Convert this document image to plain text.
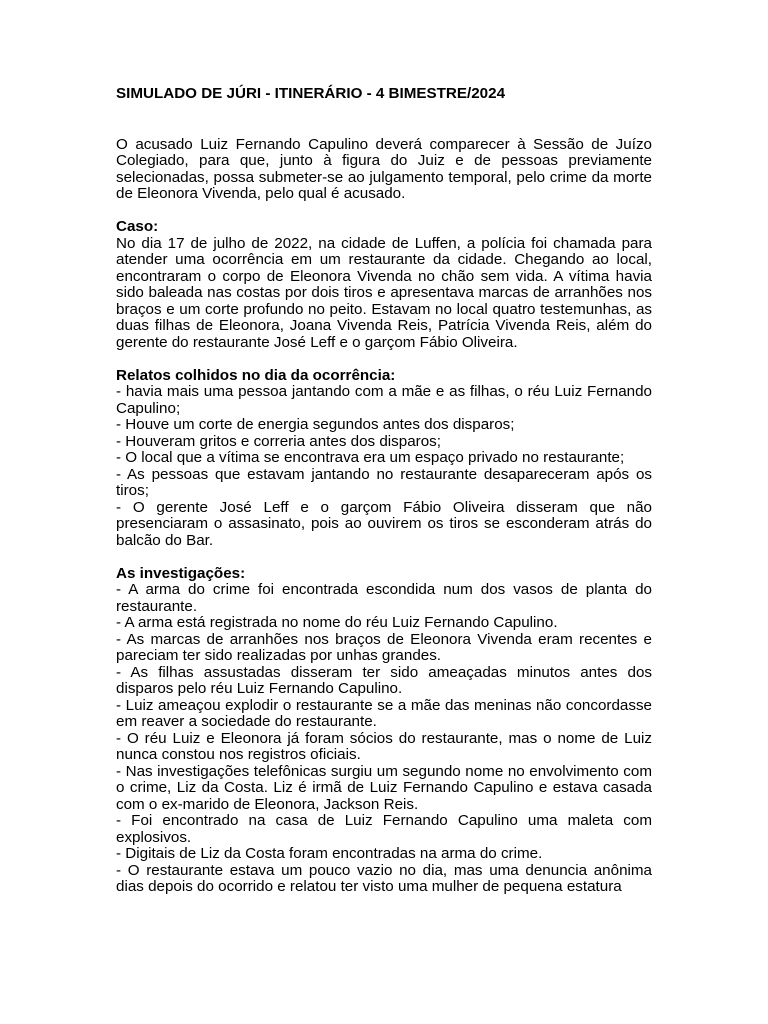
SIMULADO DE JÚRI - ITINERÁRIO - 4 BIMESTRE/2024

O acusado Luiz Fernando Capulino deverá comparecer à Sessão de Juízo Colegiado, para que, junto à figura do Juiz e de pessoas previamente selecionadas, possa submeter-se ao julgamento temporal, pelo crime da morte de Eleonora Vivenda, pelo qual é acusado.

Caso:

No dia 17 de julho de 2022, na cidade de Luffen, a polícia foi chamada para atender uma ocorrência em um restaurante da cidade. Chegando ao local, encontraram o corpo de Eleonora Vivenda no chão sem vida. A vítima havia sido baleada nas costas por dois tiros e apresentava marcas de arranhões nos braços e um corte profundo no peito. Estavam no local quatro testemunhas, as duas filhas de Eleonora, Joana Vivenda Reis, Patrícia Vivenda Reis, além do gerente do restaurante José Leff e o garçom Fábio Oliveira.

Relatos colhidos no dia da ocorrência:

- havia mais uma pessoa jantando com a mãe e as filhas, o réu Luiz Fernando Capulino;

- Houve um corte de energia segundos antes dos disparos;

- Houveram gritos e correria antes dos disparos;

- O local que a vítima se encontrava era um espaço privado no restaurante;

- As pessoas que estavam jantando no restaurante desapareceram após os tiros;

- O gerente José Leff e o garçom Fábio Oliveira disseram que não presenciaram o assasinato, pois ao ouvirem os tiros se esconderam atrás do balcão do Bar.

As investigações:

- A arma do crime foi encontrada escondida num dos vasos de planta do restaurante.

- A arma está registrada no nome do réu Luiz Fernando Capulino.

- As marcas de arranhões nos braços de Eleonora Vivenda eram recentes e pareciam ter sido realizadas por unhas grandes.

- As filhas assustadas disseram ter sido ameaçadas minutos antes dos disparos pelo réu Luiz Fernando Capulino.

- Luiz ameaçou explodir o restaurante se a mãe das meninas não concordasse em reaver a sociedade do restaurante.

- O réu Luiz e Eleonora já foram sócios do restaurante, mas o nome de Luiz nunca constou nos registros oficiais.

- Nas investigações telefônicas surgiu um segundo nome no envolvimento com o crime, Liz da Costa. Liz é irmã de Luiz Fernando Capulino e estava casada com o ex-marido de Eleonora, Jackson Reis.

- Foi encontrado na casa de Luiz Fernando Capulino uma maleta com explosivos.

- Digitais de Liz da Costa foram encontradas na arma do crime.

- O restaurante estava um pouco vazio no dia, mas uma denuncia anônima dias depois do ocorrido e relatou ter visto uma mulher de pequena estatura
